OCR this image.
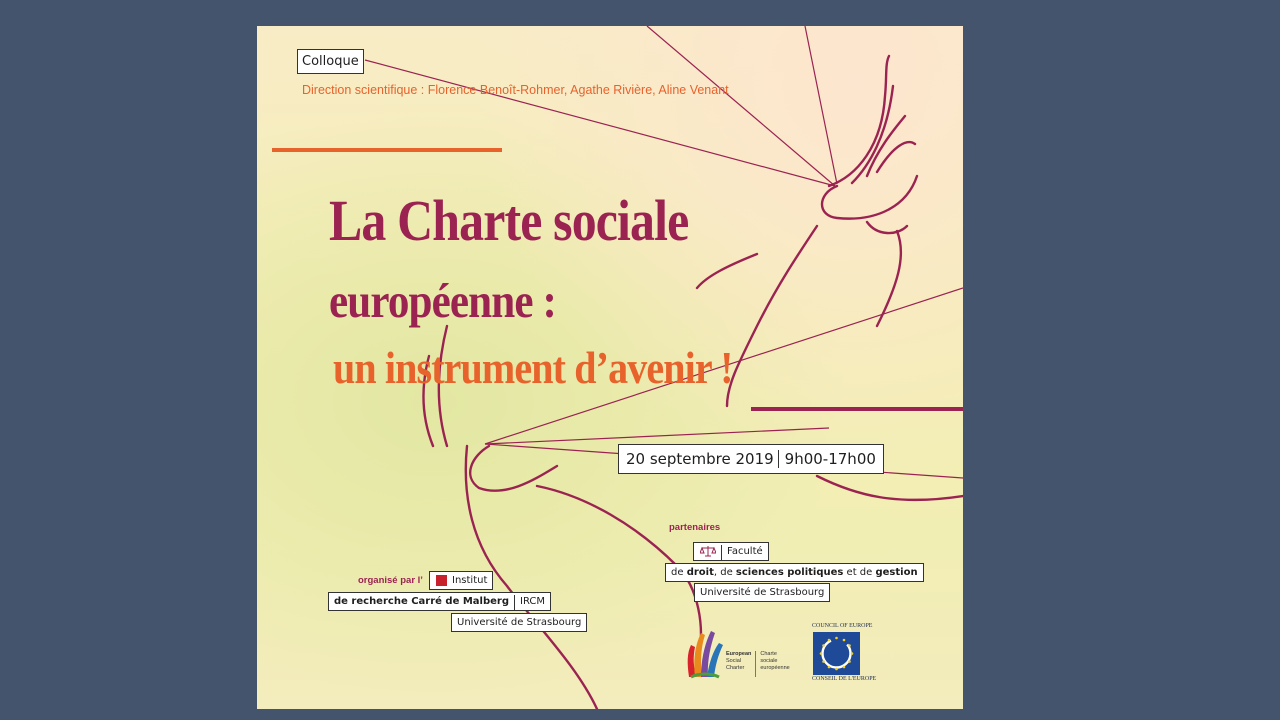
Colloque
Direction scientifique : Florence Benoît-Rohmer, Agathe Rivière, Aline Venant
La Charte sociale
européenne :
un instrument d’avenir !
20 septembre 2019 9h00-17h00
partenaires
Faculté
de droit, de sciences politiques et de gestion
Université de Strasbourg
organisé par l’	Institut
de recherche Carré de Malberg IRCM
Université de Strasbourg
European
Social
CharterCharte
sociale
européenne
COUNCIL OF EUROPE
CONSEIL DE L'EUROPE
